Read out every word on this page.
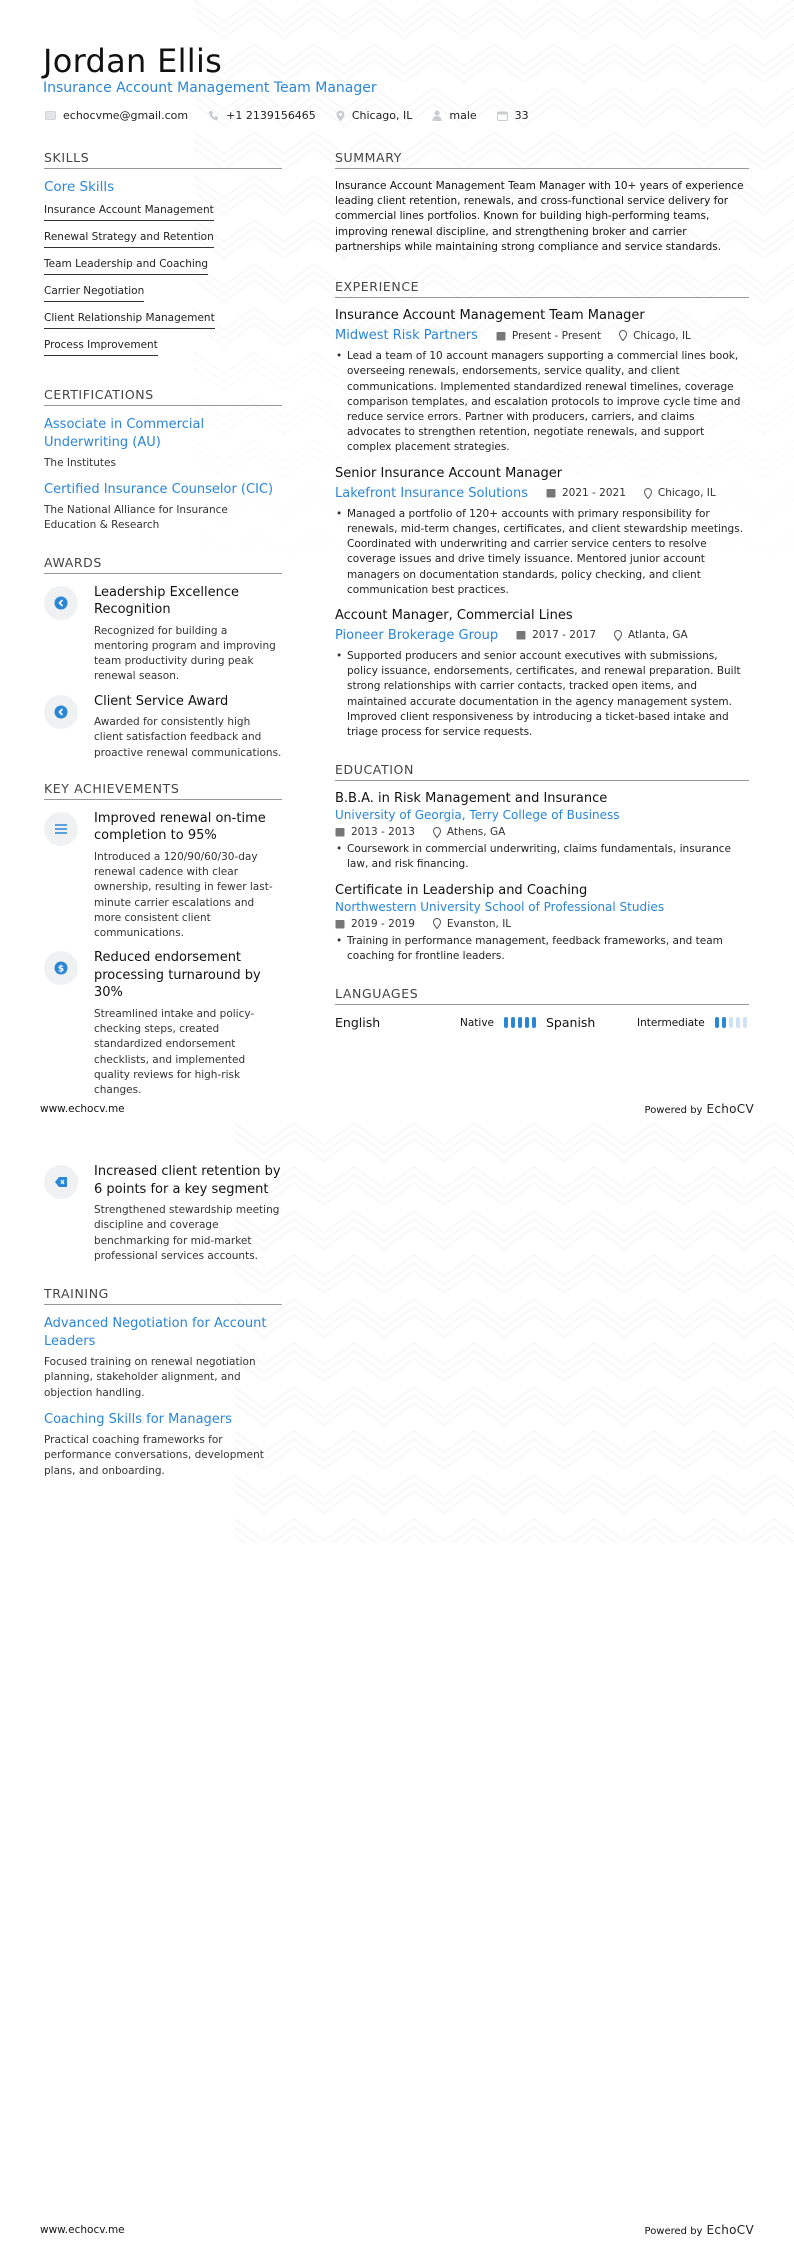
Jordan Ellis
Insurance Account Management Team Manager
echocvme@gmail.com	+1 2139156465	Chicago, IL	male	33
SKILLS
Core Skills
Insurance Account Management
Renewal Strategy and Retention
Team Leadership and Coaching
Carrier Negotiation
Client Relationship Management
Process Improvement
CERTIFICATIONS
Associate in Commercial Underwriting (AU)
The Institutes
Certified Insurance Counselor (CIC)
The National Alliance for Insurance Education & Research
AWARDS
Leadership Excellence Recognition
Recognized for building a mentoring program and improving team productivity during peak renewal season.
Client Service Award
Awarded for consistently high client satisfaction feedback and proactive renewal communications.
KEY ACHIEVEMENTS
Improved renewal on-time completion to 95%
Introduced a 120/90/60/30-day renewal cadence with clear ownership, resulting in fewer last-minute carrier escalations and more consistent client communications.
$
Reduced endorsement processing turnaround by 30%
Streamlined intake and policy-checking steps, created standardized endorsement checklists, and implemented quality reviews for high-risk changes.
SUMMARY
Insurance Account Management Team Manager with 10+ years of experience leading client retention, renewals, and cross-functional service delivery for commercial lines portfolios. Known for building high-performing teams, improving renewal discipline, and strengthening broker and carrier partnerships while maintaining strong compliance and service standards.
EXPERIENCE
Insurance Account Management Team Manager
Midwest Risk Partners	Present - Present	Chicago, IL
• Lead a team of 10 account managers supporting a commercial lines book, overseeing renewals, endorsements, service quality, and client communications. Implemented standardized renewal timelines, coverage comparison templates, and escalation protocols to improve cycle time and reduce service errors. Partner with producers, carriers, and claims advocates to strengthen retention, negotiate renewals, and support complex placement strategies.
Senior Insurance Account Manager
Lakefront Insurance Solutions	2021 - 2021	Chicago, IL
• Managed a portfolio of 120+ accounts with primary responsibility for renewals, mid-term changes, certificates, and client stewardship meetings. Coordinated with underwriting and carrier service centers to resolve coverage issues and drive timely issuance. Mentored junior account managers on documentation standards, policy checking, and client communication best practices.
Account Manager, Commercial Lines
Pioneer Brokerage Group	2017 - 2017	Atlanta, GA
• Supported producers and senior account executives with submissions, policy issuance, endorsements, certificates, and renewal preparation. Built strong relationships with carrier contacts, tracked open items, and maintained accurate documentation in the agency management system. Improved client responsiveness by introducing a ticket-based intake and triage process for service requests.
EDUCATION
B.B.A. in Risk Management and Insurance
University of Georgia, Terry College of Business
2013 - 2013	Athens, GA
• Coursework in commercial underwriting, claims fundamentals, insurance law, and risk financing.
Certificate in Leadership and Coaching
Northwestern University School of Professional Studies
2019 - 2019	Evanston, IL
• Training in performance management, feedback frameworks, and team coaching for frontline leaders.
LANGUAGES
English	Native	Spanish	Intermediate
www.echocv.me	Powered by EchoCV
Increased client retention by 6 points for a key segment
Strengthened stewardship meeting discipline and coverage benchmarking for mid-market professional services accounts.
TRAINING
Advanced Negotiation for Account Leaders
Focused training on renewal negotiation planning, stakeholder alignment, and objection handling.
Coaching Skills for Managers
Practical coaching frameworks for performance conversations, development plans, and onboarding.
www.echocv.me	Powered by EchoCV
